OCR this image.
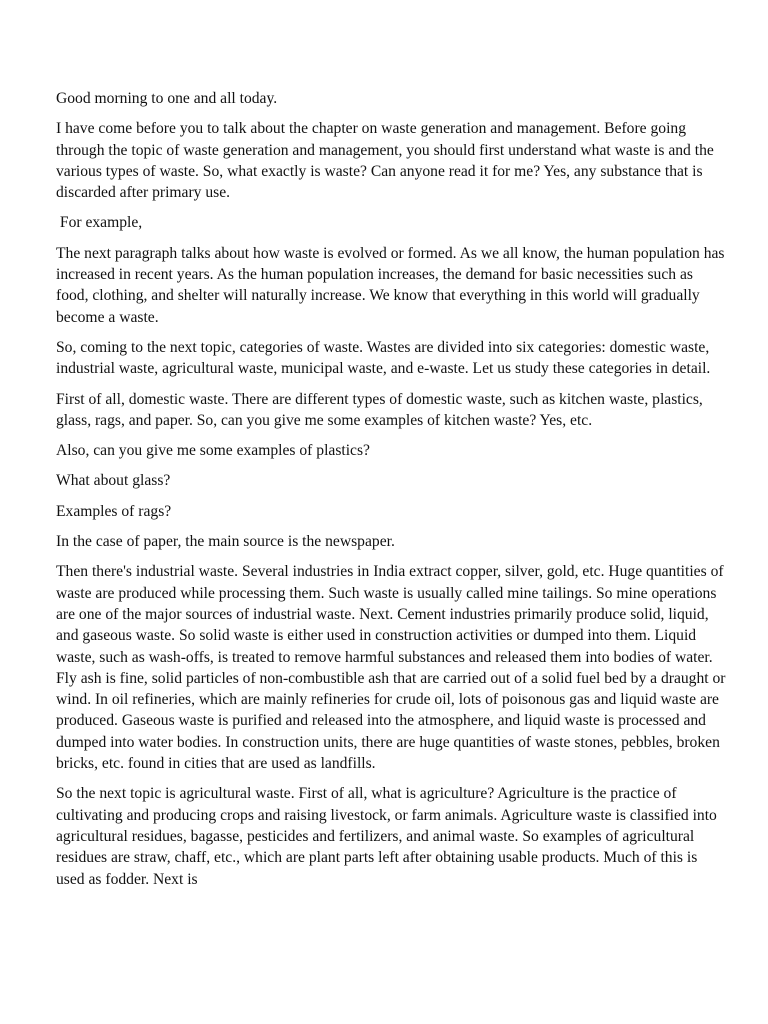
Good morning to one and all today.

I have come before you to talk about the chapter on waste generation and management. Before going through the topic of waste generation and management, you should first understand what waste is and the various types of waste. So, what exactly is waste? Can anyone read it for me? Yes, any substance that is discarded after primary use.

For example,

The next paragraph talks about how waste is evolved or formed. As we all know, the human population has increased in recent years. As the human population increases, the demand for basic necessities such as food, clothing, and shelter will naturally increase. We know that everything in this world will gradually become a waste.

So, coming to the next topic, categories of waste. Wastes are divided into six categories: domestic waste, industrial waste, agricultural waste, municipal waste, and e-waste. Let us study these categories in detail.

First of all, domestic waste. There are different types of domestic waste, such as kitchen waste, plastics, glass, rags, and paper. So, can you give me some examples of kitchen waste? Yes, etc.

Also, can you give me some examples of plastics?

What about glass?

Examples of rags?

In the case of paper, the main source is the newspaper.

Then there's industrial waste. Several industries in India extract copper, silver, gold, etc. Huge quantities of waste are produced while processing them. Such waste is usually called mine tailings. So mine operations are one of the major sources of industrial waste. Next. Cement industries primarily produce solid, liquid, and gaseous waste. So solid waste is either used in construction activities or dumped into them. Liquid waste, such as wash-offs, is treated to remove harmful substances and released them into bodies of water. Fly ash is fine, solid particles of non-combustible ash that are carried out of a solid fuel bed by a draught or wind. In oil refineries, which are mainly refineries for crude oil, lots of poisonous gas and liquid waste are produced. Gaseous waste is purified and released into the atmosphere, and liquid waste is processed and dumped into water bodies. In construction units, there are huge quantities of waste stones, pebbles, broken bricks, etc. found in cities that are used as landfills.

So the next topic is agricultural waste. First of all, what is agriculture? Agriculture is the practice of cultivating and producing crops and raising livestock, or farm animals. Agriculture waste is classified into agricultural residues, bagasse, pesticides and fertilizers, and animal waste. So examples of agricultural residues are straw, chaff, etc., which are plant parts left after obtaining usable products. Much of this is used as fodder. Next is
